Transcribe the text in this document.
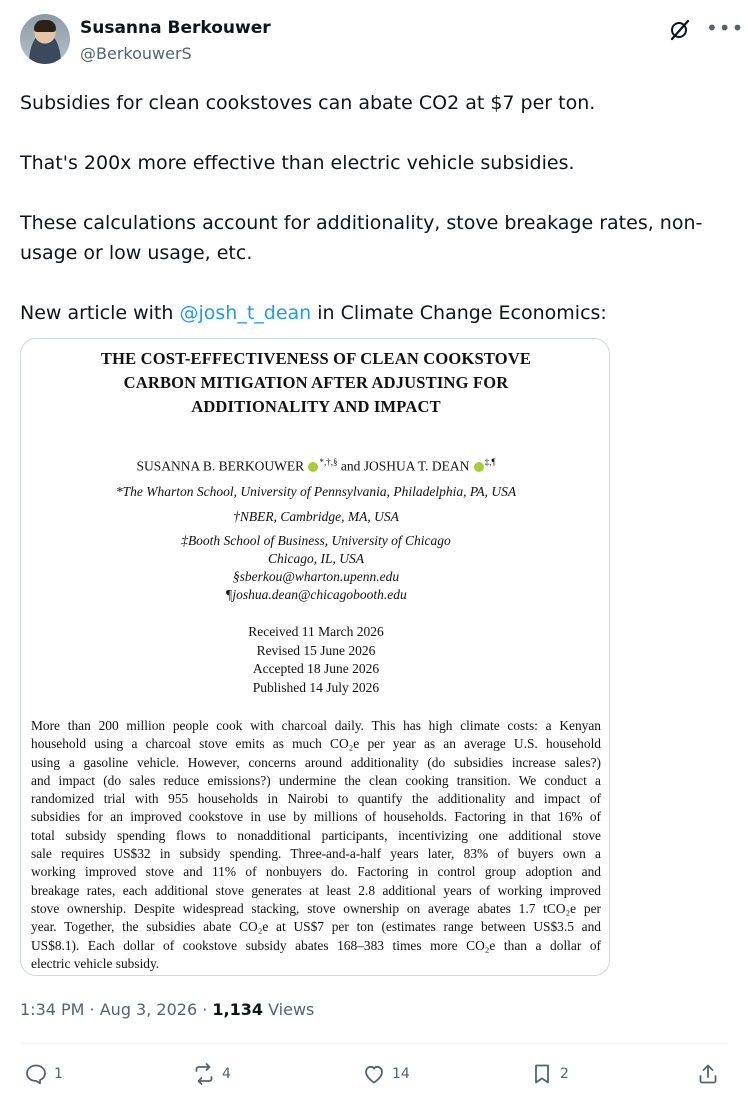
Susanna Berkouwer
@BerkouwerS
•••

Subsidies for clean cookstoves can abate CO2 at $7 per ton.

That's 200x more effective than electric vehicle subsidies.

These calculations account for additionality, stove breakage rates, non-

usage or low usage, etc.

New article with @josh_t_dean in Climate Change Economics:

THE COST-EFFECTIVENESS OF CLEAN COOKSTOVE
CARBON MITIGATION AFTER ADJUSTING FOR
ADDITIONALITY AND IMPACT
SUSANNA B. BERKOUWER *,†,§ and JOSHUA T. DEAN ‡,¶
*The Wharton School, University of Pennsylvania, Philadelphia, PA, USA
†NBER, Cambridge, MA, USA
‡Booth School of Business, University of Chicago
Chicago, IL, USA
§sberkou@wharton.upenn.edu
¶joshua.dean@chicagobooth.edu
Received 11 March 2026
Revised 15 June 2026
Accepted 18 June 2026
Published 14 July 2026
More than 200 million people cook with charcoal daily. This has high climate costs: a Kenyan
household using a charcoal stove emits as much CO₂e per year as an average U.S. household
using a gasoline vehicle. However, concerns around additionality (do subsidies increase sales?)
and impact (do sales reduce emissions?) undermine the clean cooking transition. We conduct a
randomized trial with 955 households in Nairobi to quantify the additionality and impact of
subsidies for an improved cookstove in use by millions of households. Factoring in that 16% of
total subsidy spending flows to nonadditional participants, incentivizing one additional stove
sale requires US$32 in subsidy spending. Three-and-a-half years later, 83% of buyers own a
working improved stove and 11% of nonbuyers do. Factoring in control group adoption and
breakage rates, each additional stove generates at least 2.8 additional years of working improved
stove ownership. Despite widespread stacking, stove ownership on average abates 1.7 tCO₂e per
year. Together, the subsidies abate CO₂e at US$7 per ton (estimates range between US$3.5 and
US$8.1). Each dollar of cookstove subsidy abates 168–383 times more CO₂e than a dollar of
electric vehicle subsidy.
1:34 PM · Aug 3, 2026 · 1,134 Views
1	4	14	2
